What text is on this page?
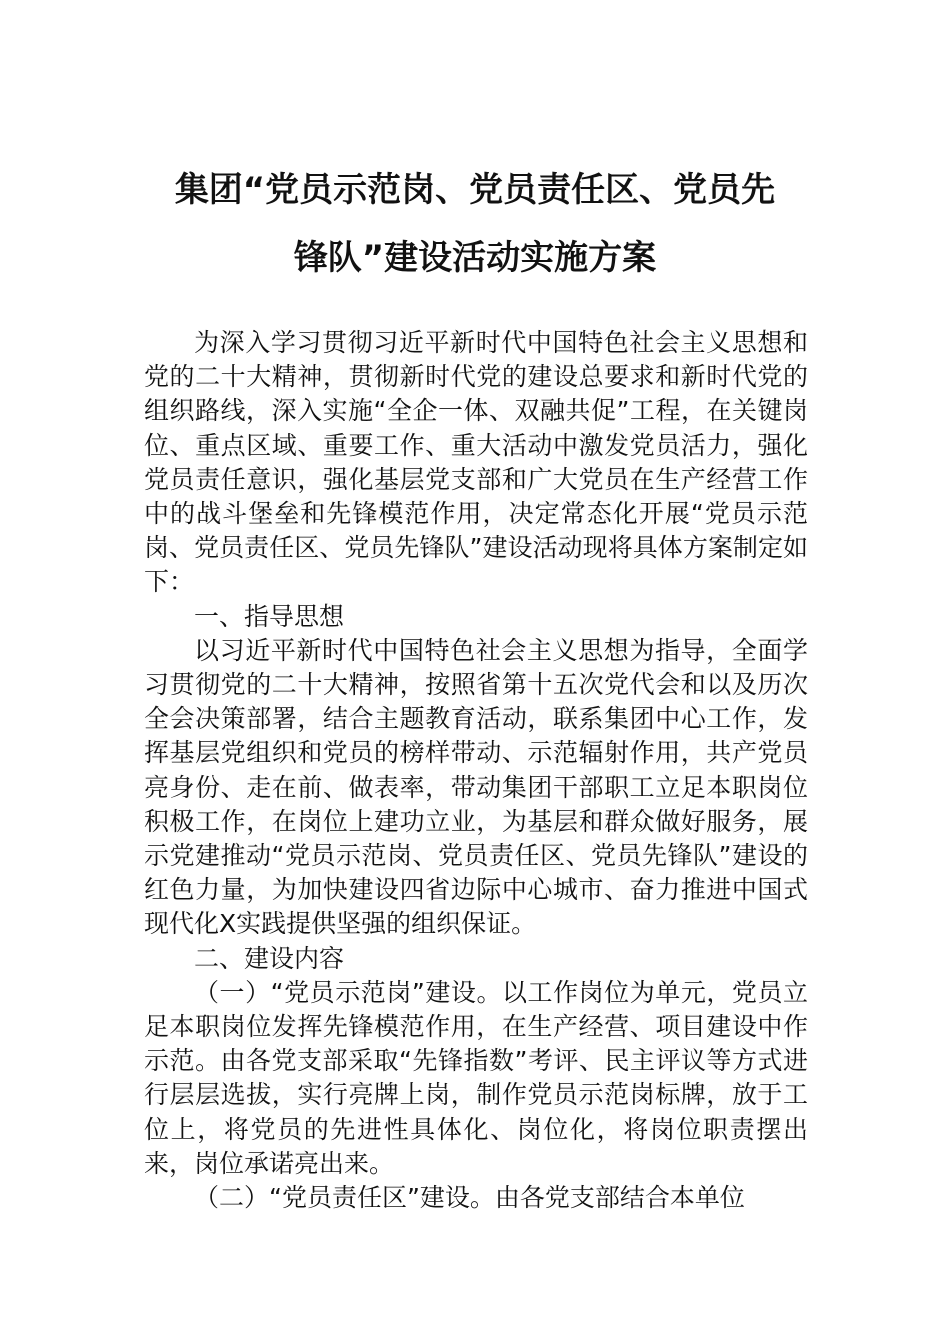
集团“党员示范岗、党员责任区、党员先
锋队”建设活动实施方案

为深入学习贯彻习近平新时代中国特色社会主义思想和党的二十大精神，贯彻新时代党的建设总要求和新时代党的组织路线，深入实施“全企一体、双融共促”工程，在关键岗位、重点区域、重要工作、重大活动中激发党员活力，强化党员责任意识，强化基层党支部和广大党员在生产经营工作中的战斗堡垒和先锋模范作用，决定常态化开展“党员示范岗、党员责任区、党员先锋队”建设活动现将具体方案制定如下：

一、指导思想

以习近平新时代中国特色社会主义思想为指导，全面学习贯彻党的二十大精神，按照省第十五次党代会和以及历次全会决策部署，结合主题教育活动，联系集团中心工作，发挥基层党组织和党员的榜样带动、示范辐射作用，共产党员亮身份、走在前、做表率，带动集团干部职工立足本职岗位积极工作，在岗位上建功立业，为基层和群众做好服务，展示党建推动“党员示范岗、党员责任区、党员先锋队”建设的红色力量，为加快建设四省边际中心城市、奋力推进中国式现代化X实践提供坚强的组织保证。

二、建设内容

（一）“党员示范岗”建设。以工作岗位为单元，党员立足本职岗位发挥先锋模范作用，在生产经营、项目建设中作示范。由各党支部采取“先锋指数”考评、民主评议等方式进行层层选拔，实行亮牌上岗，制作党员示范岗标牌，放于工位上，将党员的先进性具体化、岗位化，将岗位职责摆出来，岗位承诺亮出来。

（二）“党员责任区”建设。由各党支部结合本单位
